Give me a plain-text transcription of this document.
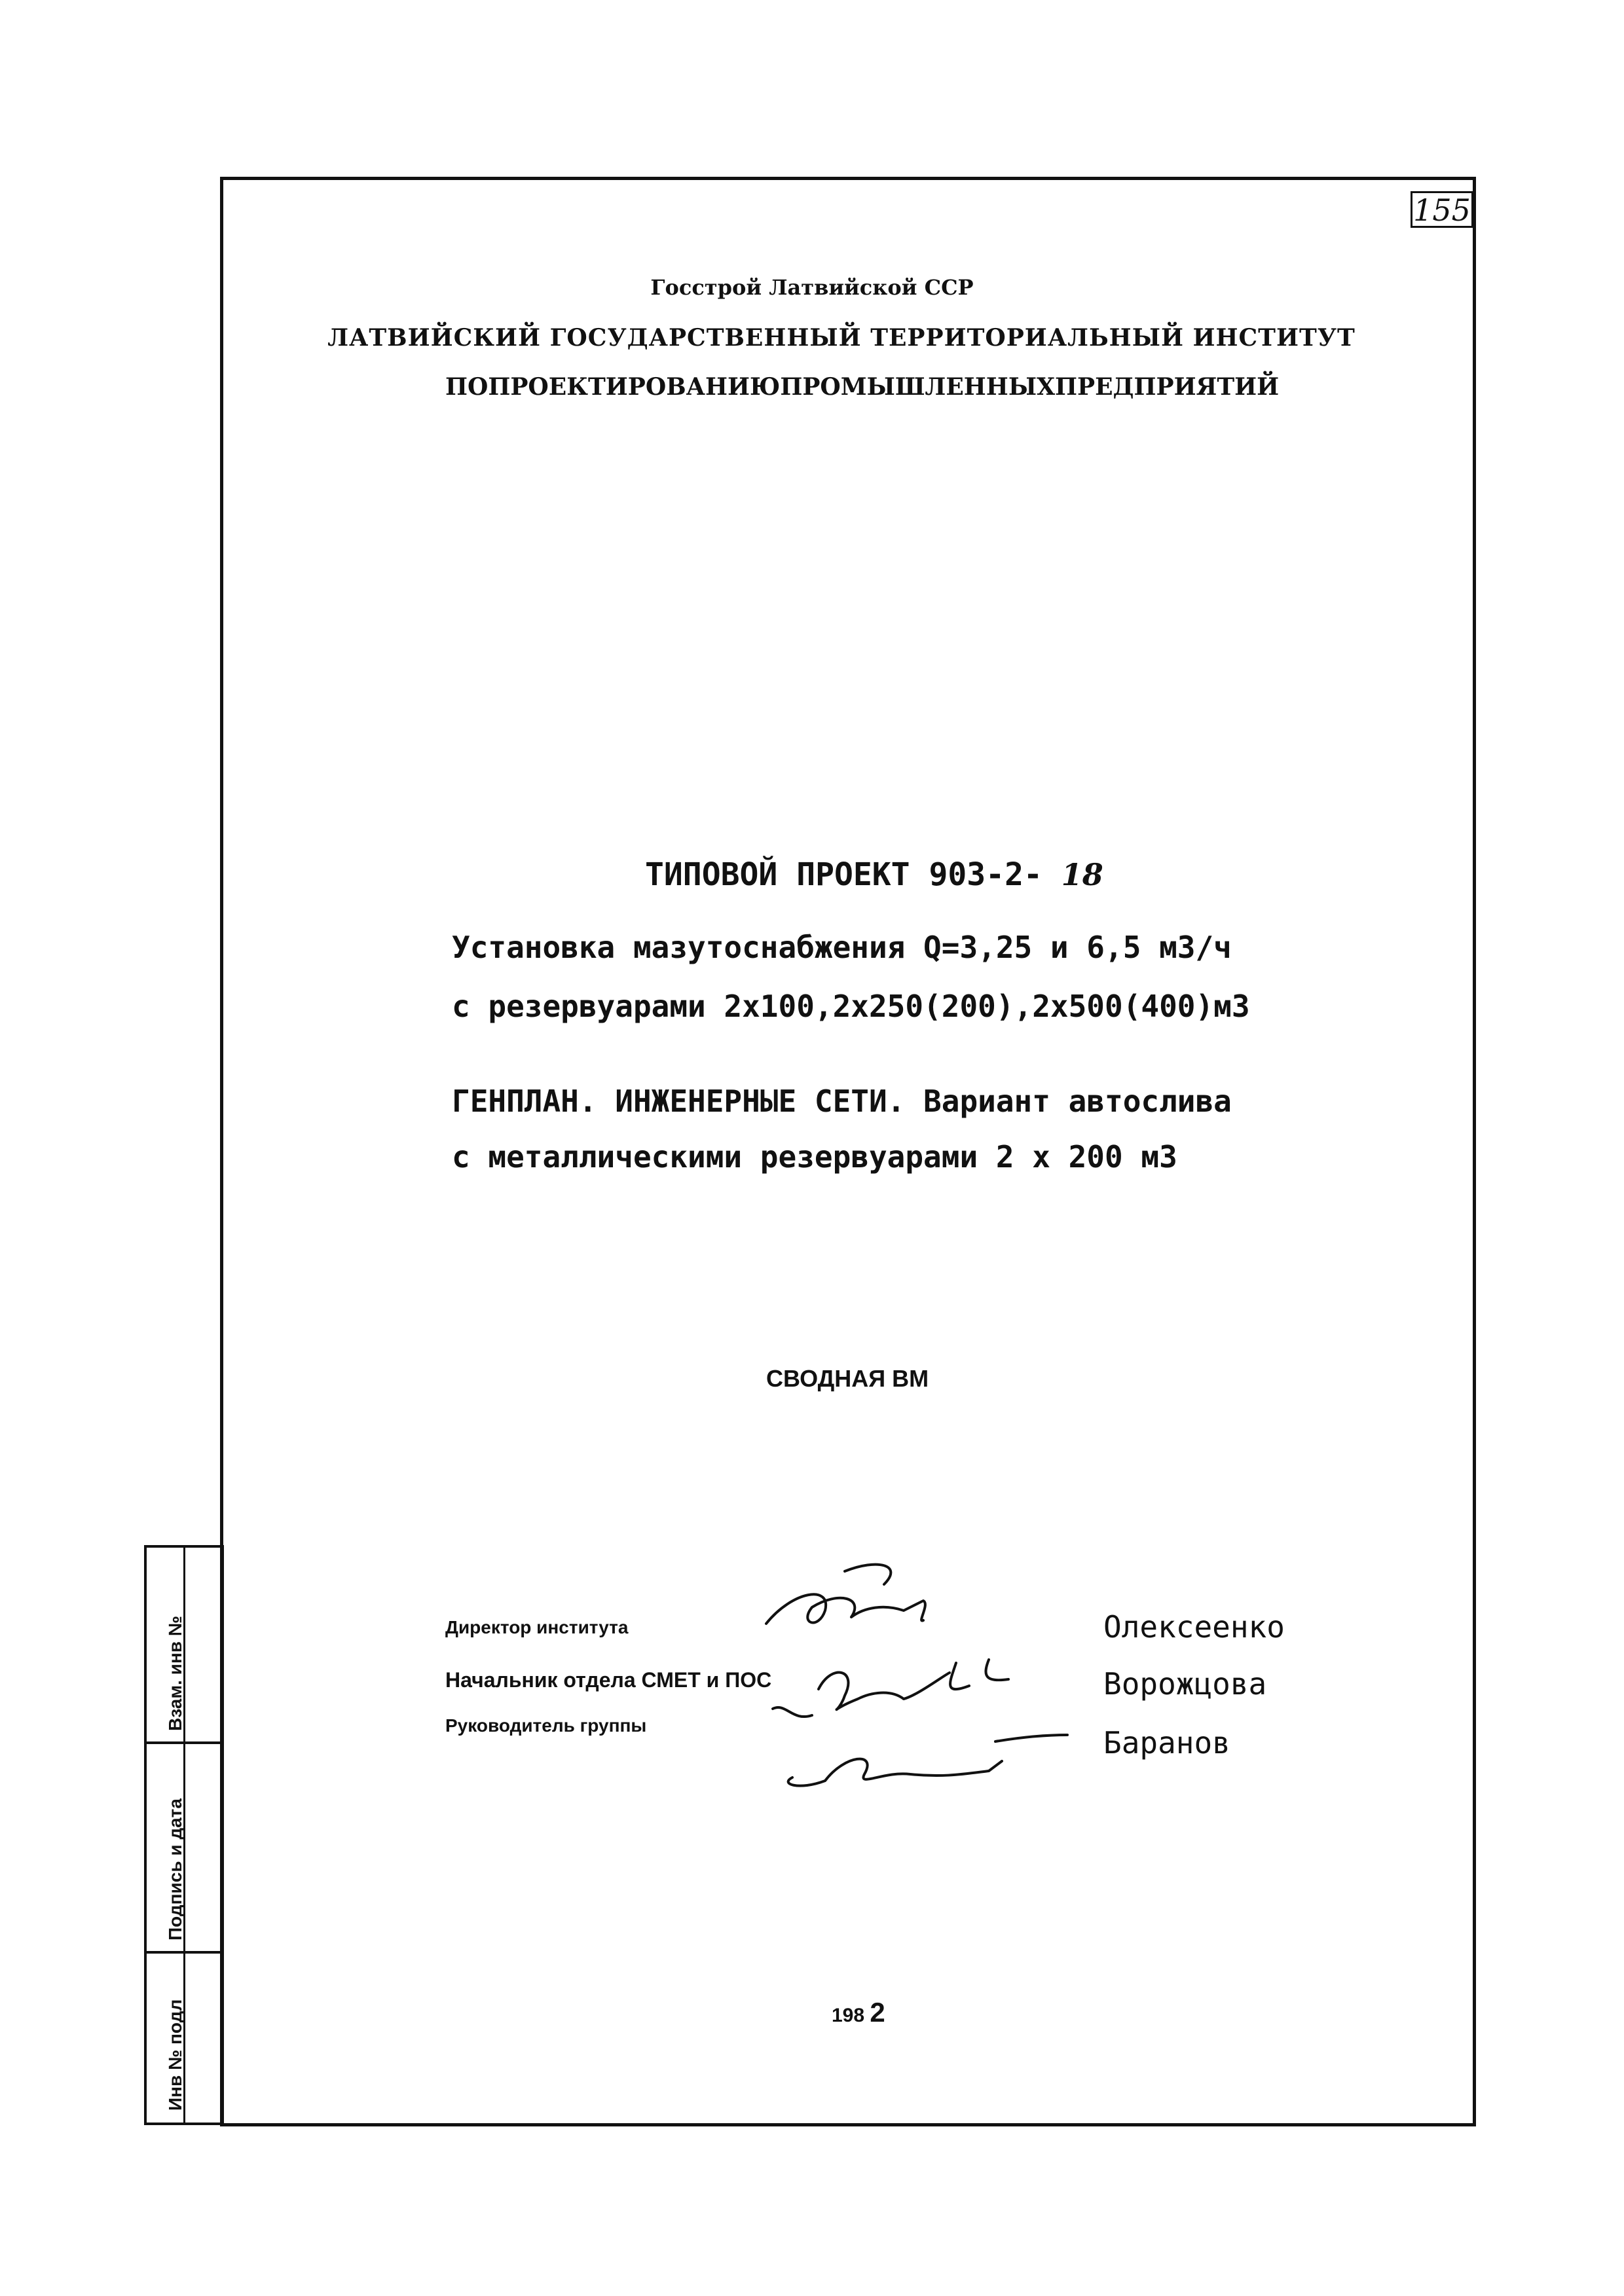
155
Госстрой Латвийской ССР
ЛАТВИЙСКИЙ ГОСУДАРСТВЕННЫЙ ТЕРРИТОРИАЛЬНЫЙ ИНСТИТУТ
ПО ПРОЕКТИРОВАНИЮ ПРОМЫШЛЕННЫХ ПРЕДПРИЯТИЙ
ТИПОВОЙ ПРОЕКТ 903-2- 18
Установка мазутоснабжения Q=3,25 и 6,5 м3/ч
с резервуарами 2х100,2х250(200),2х500(400)м3
ГЕНПЛАН. ИНЖЕНЕРНЫЕ СЕТИ. Вариант автослива
с металлическими резервуарами 2 х 200 м3
СВОДНАЯ ВМ
Директор института
Начальник отдела СМЕТ и ПОС
Руководитель группы
Олексеенко
Ворожцова
Баранов
198 2
Взам. инв №
Подпись и дата
Инв № подл
